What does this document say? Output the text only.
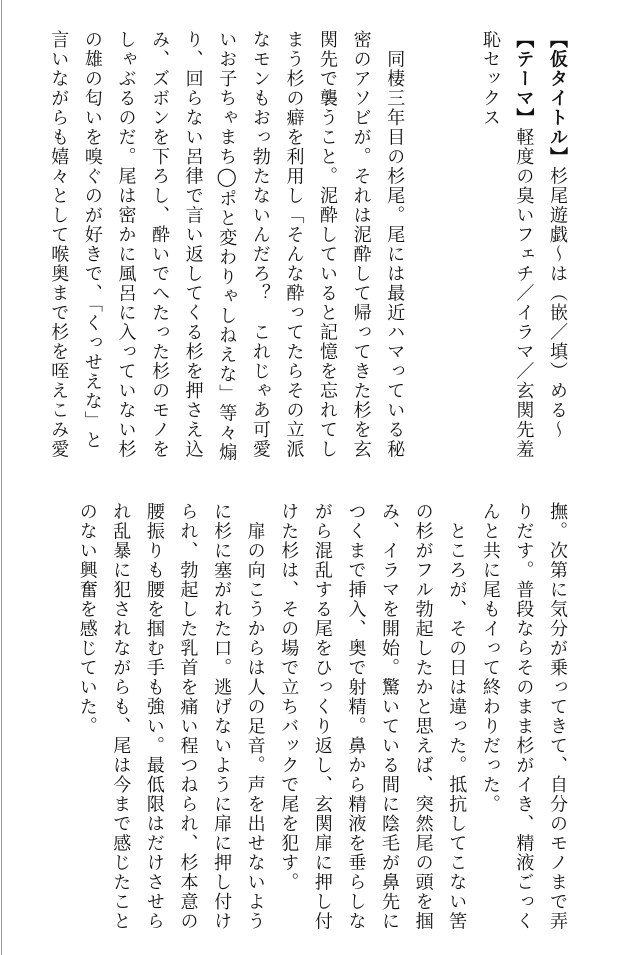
【仮タイトル】杉尾遊戯～は（嵌／填）める～
【テーマ】軽度の臭いフェチ／イラマ／玄関先羞
恥セックス
　同棲三年目の杉尾。尾には最近ハマっている秘
密のアソビが。それは泥酔して帰ってきた杉を玄
関先で襲うこと。泥酔していると記憶を忘れてし
まう杉の癖を利用し「そんな酔ってたらその立派
なモンもおっ勃たないんだろ？　これじゃあ可愛
いお子ちゃまち◯ポと変わりゃしねえな」等々煽
り、回らない呂律で言い返してくる杉を押さえ込
み、ズボンを下ろし、酔いでへたった杉のモノを
しゃぶるのだ。尾は密かに風呂に入っていない杉
の雄の匂いを嗅ぐのが好きで、「くっせえな」と
言いながらも嬉々として喉奥まで杉を咥えこみ愛
撫。次第に気分が乗ってきて、自分のモノまで弄
りだす。普段ならそのまま杉がイき、精液ごっく
んと共に尾もイって終わりだった。
　ところが、その日は違った。抵抗してこない筈
の杉がフル勃起したかと思えば、突然尾の頭を掴
み、イラマを開始。驚いている間に陰毛が鼻先に
つくまで挿入、奥で射精。鼻から精液を垂らしな
がら混乱する尾をひっくり返し、玄関扉に押し付
けた杉は、その場で立ちバックで尾を犯す。
　扉の向こうからは人の足音。声を出せないよう
に杉に塞がれた口。逃げないように扉に押し付け
られ、勃起した乳首を痛い程つねられ、杉本意の
腰振りも腰を掴む手も強い。最低限はだけさせら
れ乱暴に犯されながらも、尾は今まで感じたこと
のない興奮を感じていた。
